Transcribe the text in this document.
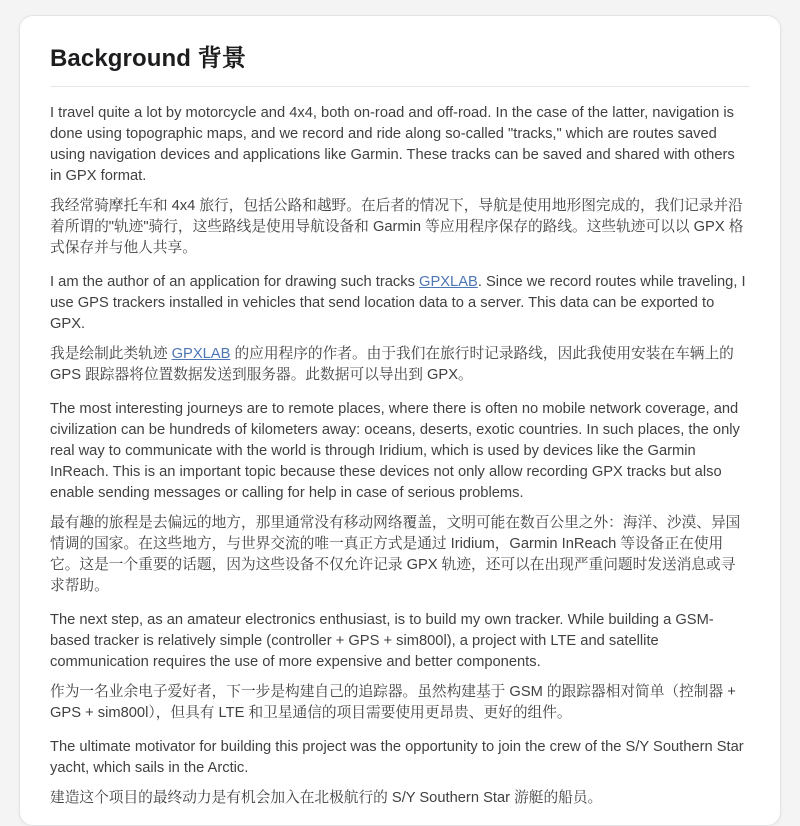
Background 背景

I travel quite a lot by motorcycle and 4x4, both on-road and off-road. In the case of the latter, navigation is done using topographic maps, and we record and ride along so-called "tracks," which are routes saved using navigation devices and applications like Garmin. These tracks can be saved and shared with others in GPX format.

我经常骑摩托车和 4x4 旅行，包括公路和越野。在后者的情况下，导航是使用地形图完成的，我们记录并沿着所谓的"轨迹"骑行，这些路线是使用导航设备和 Garmin 等应用程序保存的路线。这些轨迹可以以 GPX 格式保存并与他人共享。

I am the author of an application for drawing such tracks GPXLAB. Since we record routes while traveling, I use GPS trackers installed in vehicles that send location data to a server. This data can be exported to GPX.

我是绘制此类轨迹 GPXLAB 的应用程序的作者。由于我们在旅行时记录路线，因此我使用安装在车辆上的 GPS 跟踪器将位置数据发送到服务器。此数据可以导出到 GPX。

The most interesting journeys are to remote places, where there is often no mobile network coverage, and civilization can be hundreds of kilometers away: oceans, deserts, exotic countries. In such places, the only real way to communicate with the world is through Iridium, which is used by devices like the Garmin InReach. This is an important topic because these devices not only allow recording GPX tracks but also enable sending messages or calling for help in case of serious problems.

最有趣的旅程是去偏远的地方，那里通常没有移动网络覆盖，文明可能在数百公里之外：海洋、沙漠、异国情调的国家。在这些地方，与世界交流的唯一真正方式是通过 Iridium，Garmin InReach 等设备正在使用它。这是一个重要的话题，因为这些设备不仅允许记录 GPX 轨迹，还可以在出现严重问题时发送消息或寻求帮助。

The next step, as an amateur electronics enthusiast, is to build my own tracker. While building a GSM-based tracker is relatively simple (controller + GPS + sim800l), a project with LTE and satellite communication requires the use of more expensive and better components.

作为一名业余电子爱好者，下一步是构建自己的追踪器。虽然构建基于 GSM 的跟踪器相对简单（控制器 + GPS + sim800l），但具有 LTE 和卫星通信的项目需要使用更昂贵、更好的组件。

The ultimate motivator for building this project was the opportunity to join the crew of the S/Y Southern Star yacht, which sails in the Arctic.

建造这个项目的最终动力是有机会加入在北极航行的 S/Y Southern Star 游艇的船员。
